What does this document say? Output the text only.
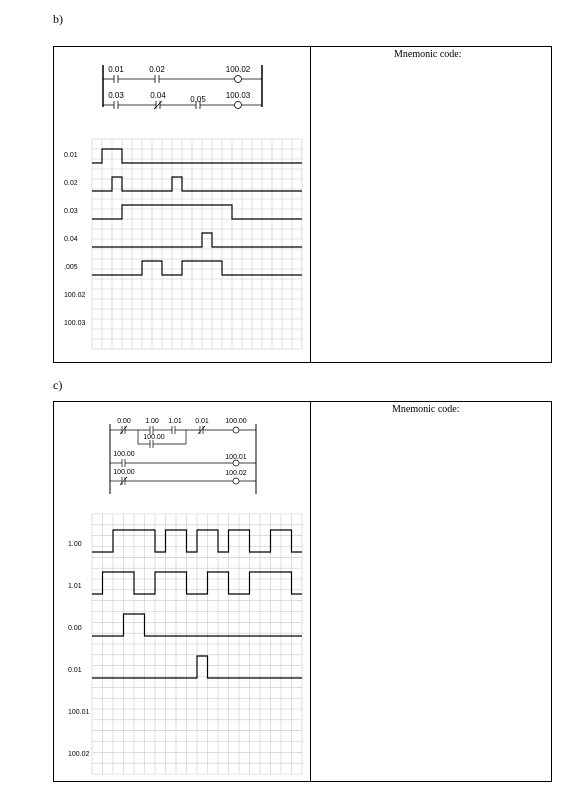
b)
Mnemonic code:
0.01	0.02	100.02
0.03	0.04	0.05 100.03
0.01
0.02
0.03
0.04
.005
100.02
100.03
c)
Mnemonic code:
0.00 1.00 1.01
100.00
0.01 100.00
100.00	100.01
100.00	100.02
1.00
1.01
0.00
0.01
100.01
100.02
